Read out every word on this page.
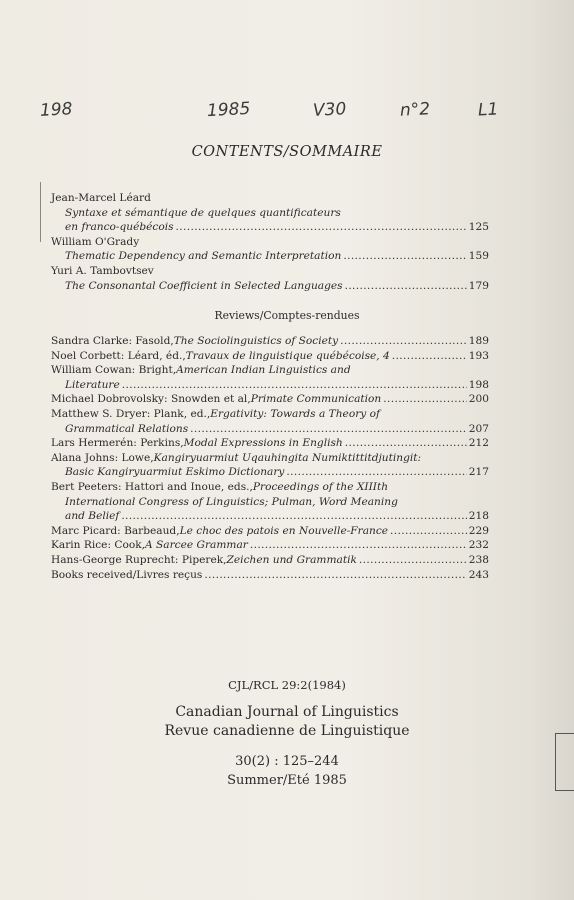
198	1985	V30	n°2	L1
CONTENTS/SOMMAIRE
Jean-Marcel Léard
Syntaxe et sémantique de quelques quantificateurs
en franco-québécois . . .	125
William O'Grady
Thematic Dependency and Semantic Interpretation . . .	159
Yuri A. Tambovtsev
The Consonantal Coefficient in Selected Languages . . .	179
Reviews/Comptes-rendues
Sandra Clarke: Fasold, The Sociolinguistics of Society . . .	189
Noel Corbett: Léard, éd., Travaux de linguistique québécoise, 4 . . .	193
William Cowan: Bright, American Indian Linguistics and
Literature . . .	198
Michael Dobrovolsky: Snowden et al, Primate Communication . . .	200
Matthew S. Dryer: Plank, ed., Ergativity: Towards a Theory of
Grammatical Relations . . .	207
Lars Hermerén: Perkins, Modal Expressions in English . . .	212
Alana Johns: Lowe, Kangiryuarmiut Uqauhingita Numiktittitdjutingit:
Basic Kangiryuarmiut Eskimo Dictionary . . .	217
Bert Peeters: Hattori and Inoue, eds., Proceedings of the XIIIth
International Congress of Linguistics; Pulman, Word Meaning
and Belief . . .	218
Marc Picard: Barbeaud, Le choc des patois en Nouvelle-France . . .	229
Karin Rice: Cook, A Sarcee Grammar . . .	232
Hans-George Ruprecht: Piperek, Zeichen und Grammatik . . .	238
Books received/Livres reçus . . .	243
CJL/RCL 29:2(1984)
Canadian Journal of Linguistics
Revue canadienne de Linguistique
30(2) : 125–244
Summer/Eté 1985
